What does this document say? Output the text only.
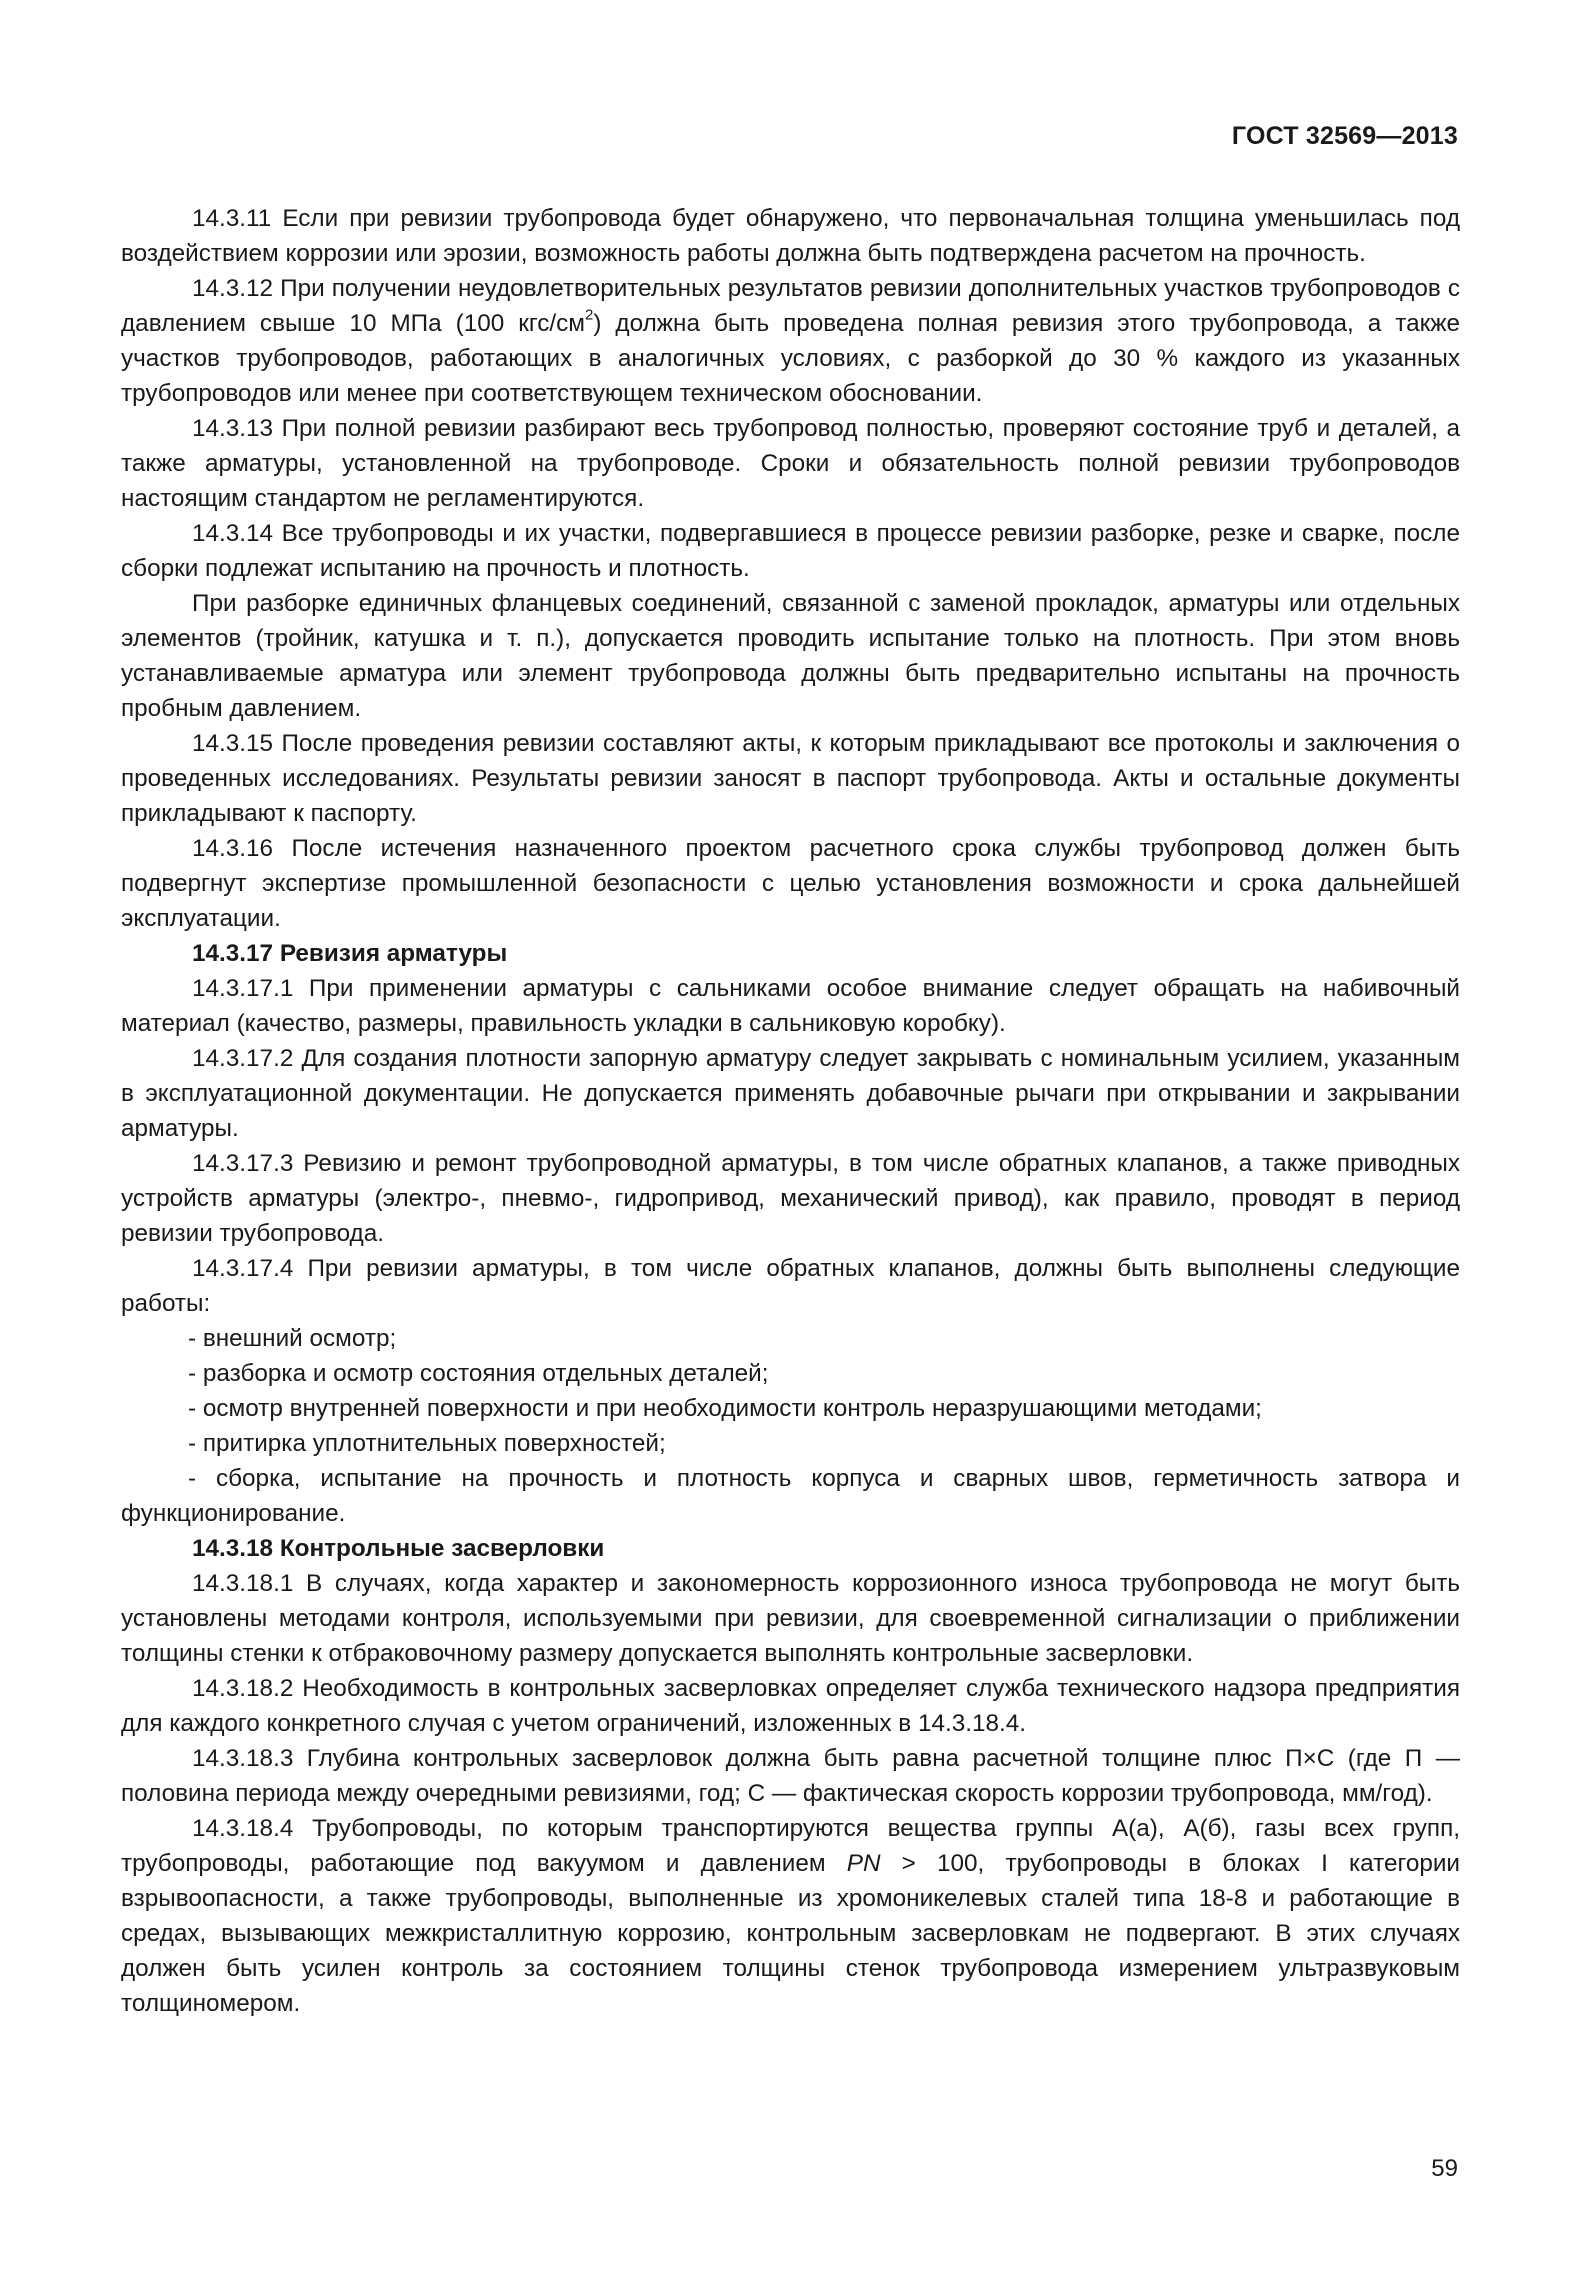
ГОСТ 32569—2013

14.3.11 Если при ревизии трубопровода будет обнаружено, что первоначальная толщина уменьшилась под воздействием коррозии или эрозии, возможность работы должна быть подтверждена расчетом на прочность.

14.3.12 При получении неудовлетворительных результатов ревизии дополнительных участков трубопроводов с давлением свыше 10 МПа (100 кгс/$см^2$) должна быть проведена полная ревизия этого трубопровода, а также участков трубопроводов, работающих в аналогичных условиях, с разборкой до 30 % каждого из указанных трубопроводов или менее при соответствующем техническом обосновании.

14.3.13 При полной ревизии разбирают весь трубопровод полностью, проверяют состояние труб и деталей, а также арматуры, установленной на трубопроводе. Сроки и обязательность полной ревизии трубопроводов настоящим стандартом не регламентируются.

14.3.14 Все трубопроводы и их участки, подвергавшиеся в процессе ревизии разборке, резке и сварке, после сборки подлежат испытанию на прочность и плотность.

При разборке единичных фланцевых соединений, связанной с заменой прокладок, арматуры или отдельных элементов (тройник, катушка и т. п.), допускается проводить испытание только на плотность. При этом вновь устанавливаемые арматура или элемент трубопровода должны быть предварительно испытаны на прочность пробным давлением.

14.3.15 После проведения ревизии составляют акты, к которым прикладывают все протоколы и заключения о проведенных исследованиях. Результаты ревизии заносят в паспорт трубопровода. Акты и остальные документы прикладывают к паспорту.

14.3.16 После истечения назначенного проектом расчетного срока службы трубопровод должен быть подвергнут экспертизе промышленной безопасности с целью установления возможности и срока дальнейшей эксплуатации.

14.3.17 Ревизия арматуры

14.3.17.1 При применении арматуры с сальниками особое внимание следует обращать на набивочный материал (качество, размеры, правильность укладки в сальниковую коробку).

14.3.17.2 Для создания плотности запорную арматуру следует закрывать с номинальным усилием, указанным в эксплуатационной документации. Не допускается применять добавочные рычаги при открывании и закрывании арматуры.

14.3.17.3 Ревизию и ремонт трубопроводной арматуры, в том числе обратных клапанов, а также приводных устройств арматуры (электро-, пневмо-, гидропривод, механический привод), как правило, проводят в период ревизии трубопровода.

14.3.17.4 При ревизии арматуры, в том числе обратных клапанов, должны быть выполнены следующие работы:

- внешний осмотр;

- разборка и осмотр состояния отдельных деталей;

- осмотр внутренней поверхности и при необходимости контроль неразрушающими методами;

- притирка уплотнительных поверхностей;

- сборка, испытание на прочность и плотность корпуса и сварных швов, герметичность затвора и функционирование.

14.3.18 Контрольные засверловки

14.3.18.1 В случаях, когда характер и закономерность коррозионного износа трубопровода не могут быть установлены методами контроля, используемыми при ревизии, для своевременной сигнализации о приближении толщины стенки к отбраковочному размеру допускается выполнять контрольные засверловки.

14.3.18.2 Необходимость в контрольных засверловках определяет служба технического надзора предприятия для каждого конкретного случая с учетом ограничений, изложенных в 14.3.18.4.

14.3.18.3 Глубина контрольных засверловок должна быть равна расчетной толщине плюс П×С (где П — половина периода между очередными ревизиями, год; С — фактическая скорость коррозии трубопровода, мм/год).

14.3.18.4 Трубопроводы, по которым транспортируются вещества группы А(а), А(б), газы всех групп, трубопроводы, работающие под вакуумом и давлением PN > 100, трубопроводы в блоках I категории взрывоопасности, а также трубопроводы, выполненные из хромоникелевых сталей типа 18-8 и работающие в средах, вызывающих межкристаллитную коррозию, контрольным засверловкам не подвергают. В этих случаях должен быть усилен контроль за состоянием толщины стенок трубопровода измерением ультразвуковым толщиномером.

59
